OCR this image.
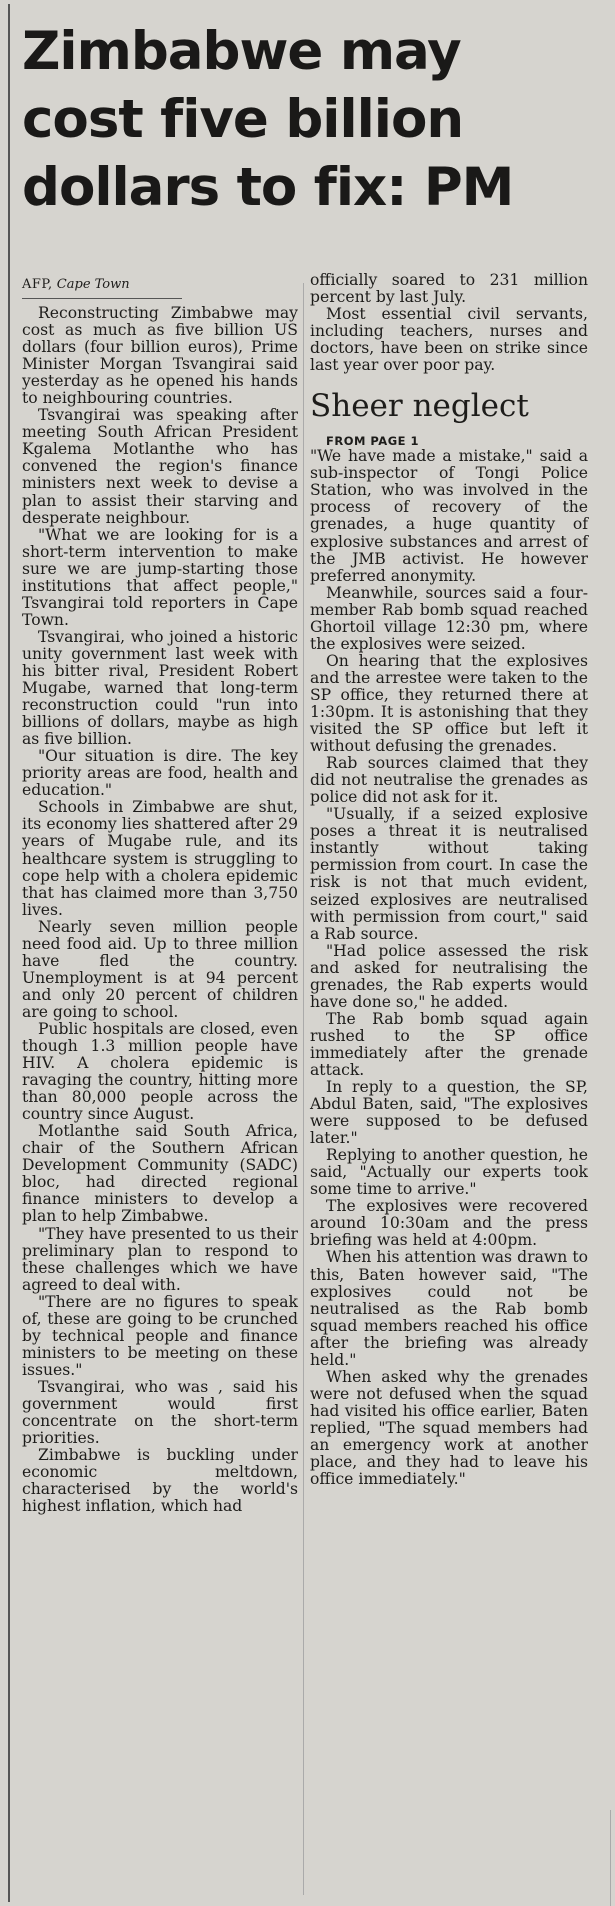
Zimbabwe may
cost five billion
dollars to fix: PM
AFP, Cape Town

Reconstructing Zimbabwe may cost as much as five billion US dollars (four billion euros), Prime Minister Morgan Tsvangirai said yesterday as he opened his hands to neighbouring countries.

Tsvangirai was speaking after meeting South African President Kgalema Motlanthe who has convened the region's finance ministers next week to devise a plan to assist their starving and desperate neighbour.

"What we are looking for is a short-term intervention to make sure we are jump-starting those institutions that affect people," Tsvangirai told reporters in Cape Town.

Tsvangirai, who joined a historic unity government last week with his bitter rival, President Robert Mugabe, warned that long-term reconstruction could "run into billions of dollars, maybe as high as five billion.

"Our situation is dire. The key priority areas are food, health and education."

Schools in Zimbabwe are shut, its economy lies shattered after 29 years of Mugabe rule, and its healthcare system is struggling to cope help with a cholera epidemic that has claimed more than 3,750 lives.

Nearly seven million people need food aid. Up to three million have fled the country. Unemployment is at 94 percent and only 20 percent of children are going to school.

Public hospitals are closed, even though 1.3 million people have HIV. A cholera epidemic is ravaging the country, hitting more than 80,000 people across the country since August.

Motlanthe said South Africa, chair of the Southern African Development Community (SADC) bloc, had directed regional finance ministers to develop a plan to help Zimbabwe.

"They have presented to us their preliminary plan to respond to these challenges which we have agreed to deal with.

"There are no figures to speak of, these are going to be crunched by technical people and finance ministers to be meeting on these issues."

Tsvangirai, who was , said his government would first concentrate on the short-term priorities.

Zimbabwe is buckling under economic meltdown, characterised by the world's highest inflation, which had

officially soared to 231 million percent by last July.

Most essential civil servants, including teachers, nurses and doctors, have been on strike since last year over poor pay.

Sheer neglect

FROM PAGE 1

"We have made a mistake," said a sub-inspector of Tongi Police Station, who was involved in the process of recovery of the grenades, a huge quantity of explosive substances and arrest of the JMB activist. He however preferred anonymity.

Meanwhile, sources said a four-member Rab bomb squad reached Ghortoil village 12:30 pm, where the explosives were seized.

On hearing that the explosives and the arrestee were taken to the SP office, they returned there at 1:30pm. It is astonishing that they visited the SP office but left it without defusing the grenades.

Rab sources claimed that they did not neutralise the grenades as police did not ask for it.

"Usually, if a seized explosive poses a threat it is neutralised instantly without taking permission from court. In case the risk is not that much evident, seized explosives are neutralised with permission from court," said a Rab source.

"Had police assessed the risk and asked for neutralising the grenades, the Rab experts would have done so," he added.

The Rab bomb squad again rushed to the SP office immediately after the grenade attack.

In reply to a question, the SP, Abdul Baten, said, "The explosives were supposed to be defused later."

Replying to another question, he said, "Actually our experts took some time to arrive."

The explosives were recovered around 10:30am and the press briefing was held at 4:00pm.

When his attention was drawn to this, Baten however said, "The explosives could not be neutralised as the Rab bomb squad members reached his office after the briefing was already held."

When asked why the grenades were not defused when the squad had visited his office earlier, Baten replied, "The squad members had an emergency work at another place, and they had to leave his office immediately."
